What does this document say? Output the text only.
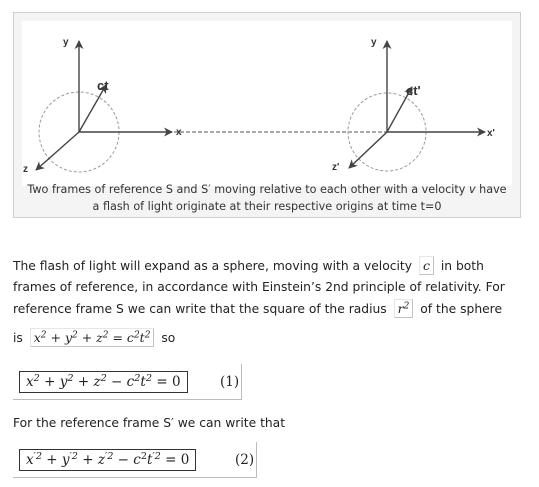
y
ct
x
z
y
ct'
x'
z'
Two frames of reference S and S′ moving relative to each other with a velocity v have
a flash of light originate at their respective origins at time t=0
The flash of light will expand as a sphere, moving with a velocity c in both
frames of reference, in accordance with Einstein’s 2nd principle of relativity. For
reference frame S we can write that the square of the radius $r^2$ of the sphere
is $x^2 + y^2 + z^2 = c^2t^2$ so
$x^2 + y^2 + z^2 - c^2t^2 = 0$	(1)
For the reference frame S′ we can write that
$x^{'2} + y^{'2} + z^{'2} - c^2t^{'2} = 0$	(2)
